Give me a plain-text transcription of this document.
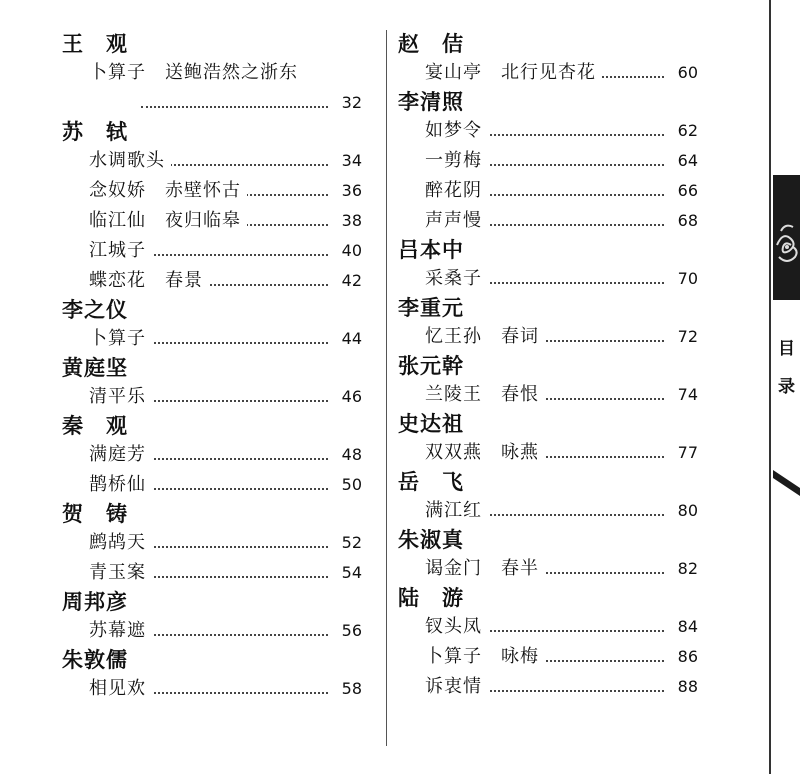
王　观
卜算子　送鲍浩然之浙东
32
苏　轼
水调歌头	34
念奴娇　赤壁怀古	36
临江仙　夜归临皋	38
江城子	40
蝶恋花　春景	42
李之仪
卜算子	44
黄庭坚
清平乐	46
秦　观
满庭芳	48
鹊桥仙	50
贺　铸
鹧鸪天	52
青玉案	54
周邦彦
苏幕遮	56
朱敦儒
相见欢	58
赵　佶
宴山亭　北行见杏花	60
李清照
如梦令	62
一剪梅	64
醉花阴	66
声声慢	68
吕本中
采桑子	70
李重元
忆王孙　春词	72
张元幹
兰陵王　春恨	74
史达祖
双双燕　咏燕	77
岳　飞
满江红	80
朱淑真
谒金门　春半	82
陆　游
钗头凤	84
卜算子　咏梅	86
诉衷情	88
目
录
